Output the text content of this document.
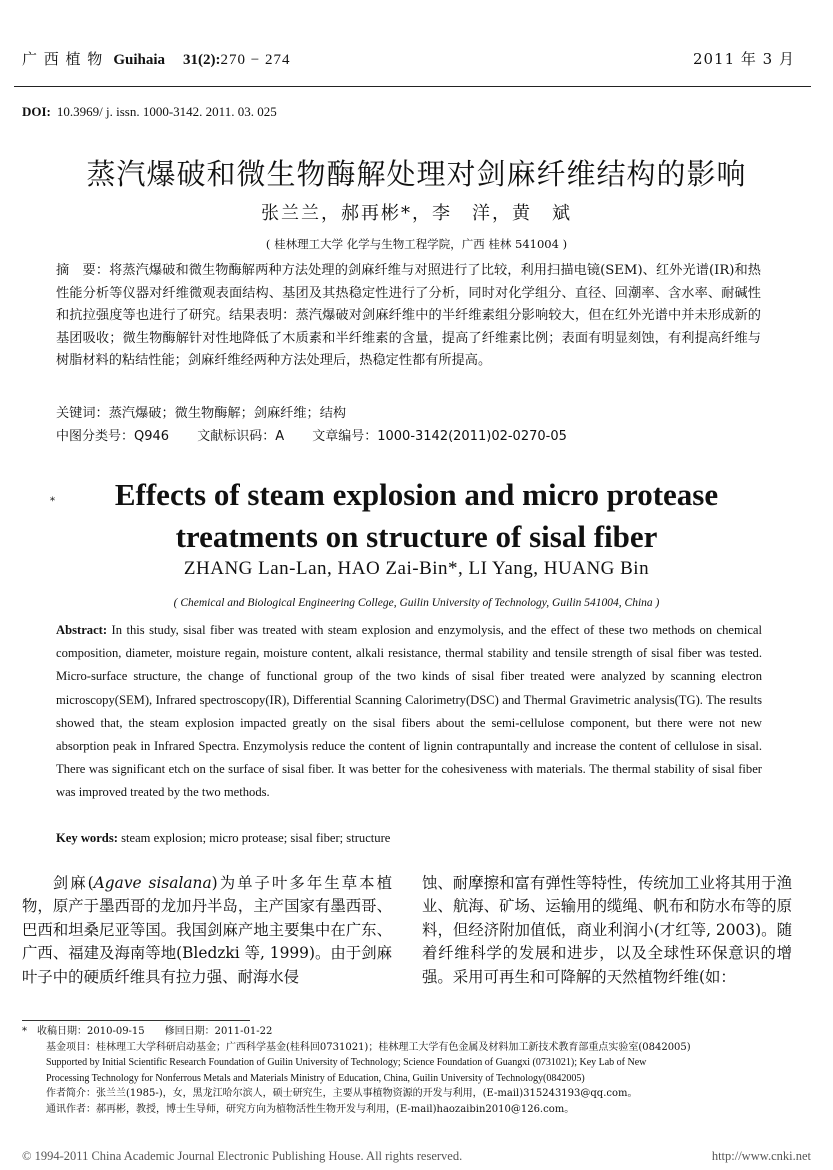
广 西 植 物 Guihaia 31(2):270 − 274	2011 年 3 月
DOI: 10.3969/ j. issn. 1000-3142. 2011. 03. 025
蒸汽爆破和微生物酶解处理对剑麻纤维结构的影响
张兰兰，郝再彬*，李　洋，黄　斌
( 桂林理工大学 化学与生物工程学院，广西 桂林 541004 )
摘　要：将蒸汽爆破和微生物酶解两种方法处理的剑麻纤维与对照进行了比较，利用扫描电镜(SEM)、红外光谱(IR)和热性能分析等仪器对纤维微观表面结构、基团及其热稳定性进行了分析，同时对化学组分、直径、回潮率、含水率、耐碱性和抗拉强度等也进行了研究。结果表明：蒸汽爆破对剑麻纤维中的半纤维素组分影响较大，但在红外光谱中并未形成新的基团吸收；微生物酶解针对性地降低了木质素和半纤维素的含量，提高了纤维素比例；表面有明显刻蚀，有利提高纤维与树脂材料的粘结性能；剑麻纤维经两种方法处理后，热稳定性都有所提高。
关键词：蒸汽爆破；微生物酶解；剑麻纤维；结构
中图分类号：Q946 文献标识码：A 文章编号：1000-3142(2011)02-0270-05
*	Effects of steam explosion and micro protease
treatments on structure of sisal fiber
ZHANG Lan-Lan, HAO Zai-Bin*, LI Yang, HUANG Bin
( Chemical and Biological Engineering College, Guilin University of Technology, Guilin 541004, China )
Abstract: In this study, sisal fiber was treated with steam explosion and enzymolysis, and the effect of these two methods on chemical composition, diameter, moisture regain, moisture content, alkali resistance, thermal stability and tensile strength of sisal fiber was tested. Micro-surface structure, the change of functional group of the two kinds of sisal fiber treated were analyzed by scanning electron microscopy(SEM), Infrared spectroscopy(IR), Differential Scanning Calorimetry(DSC) and Thermal Gravimetric analysis(TG). The results showed that, the steam explosion impacted greatly on the sisal fibers about the semi-cellulose component, but there were not new absorption peak in Infrared Spectra. Enzymolysis reduce the content of lignin contrapuntally and increase the content of cellulose in sisal. There was significant etch on the surface of sisal fiber. It was better for the cohesiveness with materials. The thermal stability of sisal fiber was improved treated by the two methods.
Key words: steam explosion; micro protease; sisal fiber; structure

剑麻(Agave sisalana)为单子叶多年生草本植物，原产于墨西哥的龙加丹半岛，主产国家有墨西哥、巴西和坦桑尼亚等国。我国剑麻产地主要集中在广东、广西、福建及海南等地(Bledzki 等, 1999)。由于剑麻叶子中的硬质纤维具有拉力强、耐海水侵

蚀、耐摩擦和富有弹性等特性，传统加工业将其用于渔业、航海、矿场、运输用的缆绳、帆布和防水布等的原料，但经济附加值低，商业利润小(才红等, 2003)。随着纤维科学的发展和进步，以及全球性环保意识的增强。采用可再生和可降解的天然植物纤维(如：

*　 收稿日期：2010-09-15　　修回日期：2011-01-22
基金项目：桂林理工大学科研启动基金；广西科学基金(桂科回0731021)；桂林理工大学有色金属及材料加工新技术教育部重点实验室(0842005)
Supported by Initial Scientific Research Foundation of Guilin University of Technology; Science Foundation of Guangxi (0731021); Key Lab of New
Processing Technology for Nonferrous Metals and Materials Ministry of Education, China, Guilin University of Technology(0842005)
作者简介：张兰兰(1985-)，女，黑龙江哈尔滨人，硕士研究生，主要从事植物资源的开发与利用，(E-mail)315243193@qq.com。
通讯作者：郝再彬，教授，博士生导师，研究方向为植物活性生物开发与利用，(E-mail)haozaibin2010@126.com。
© 1994-2011 China Academic Journal Electronic Publishing House. All rights reserved.	http://www.cnki.net
